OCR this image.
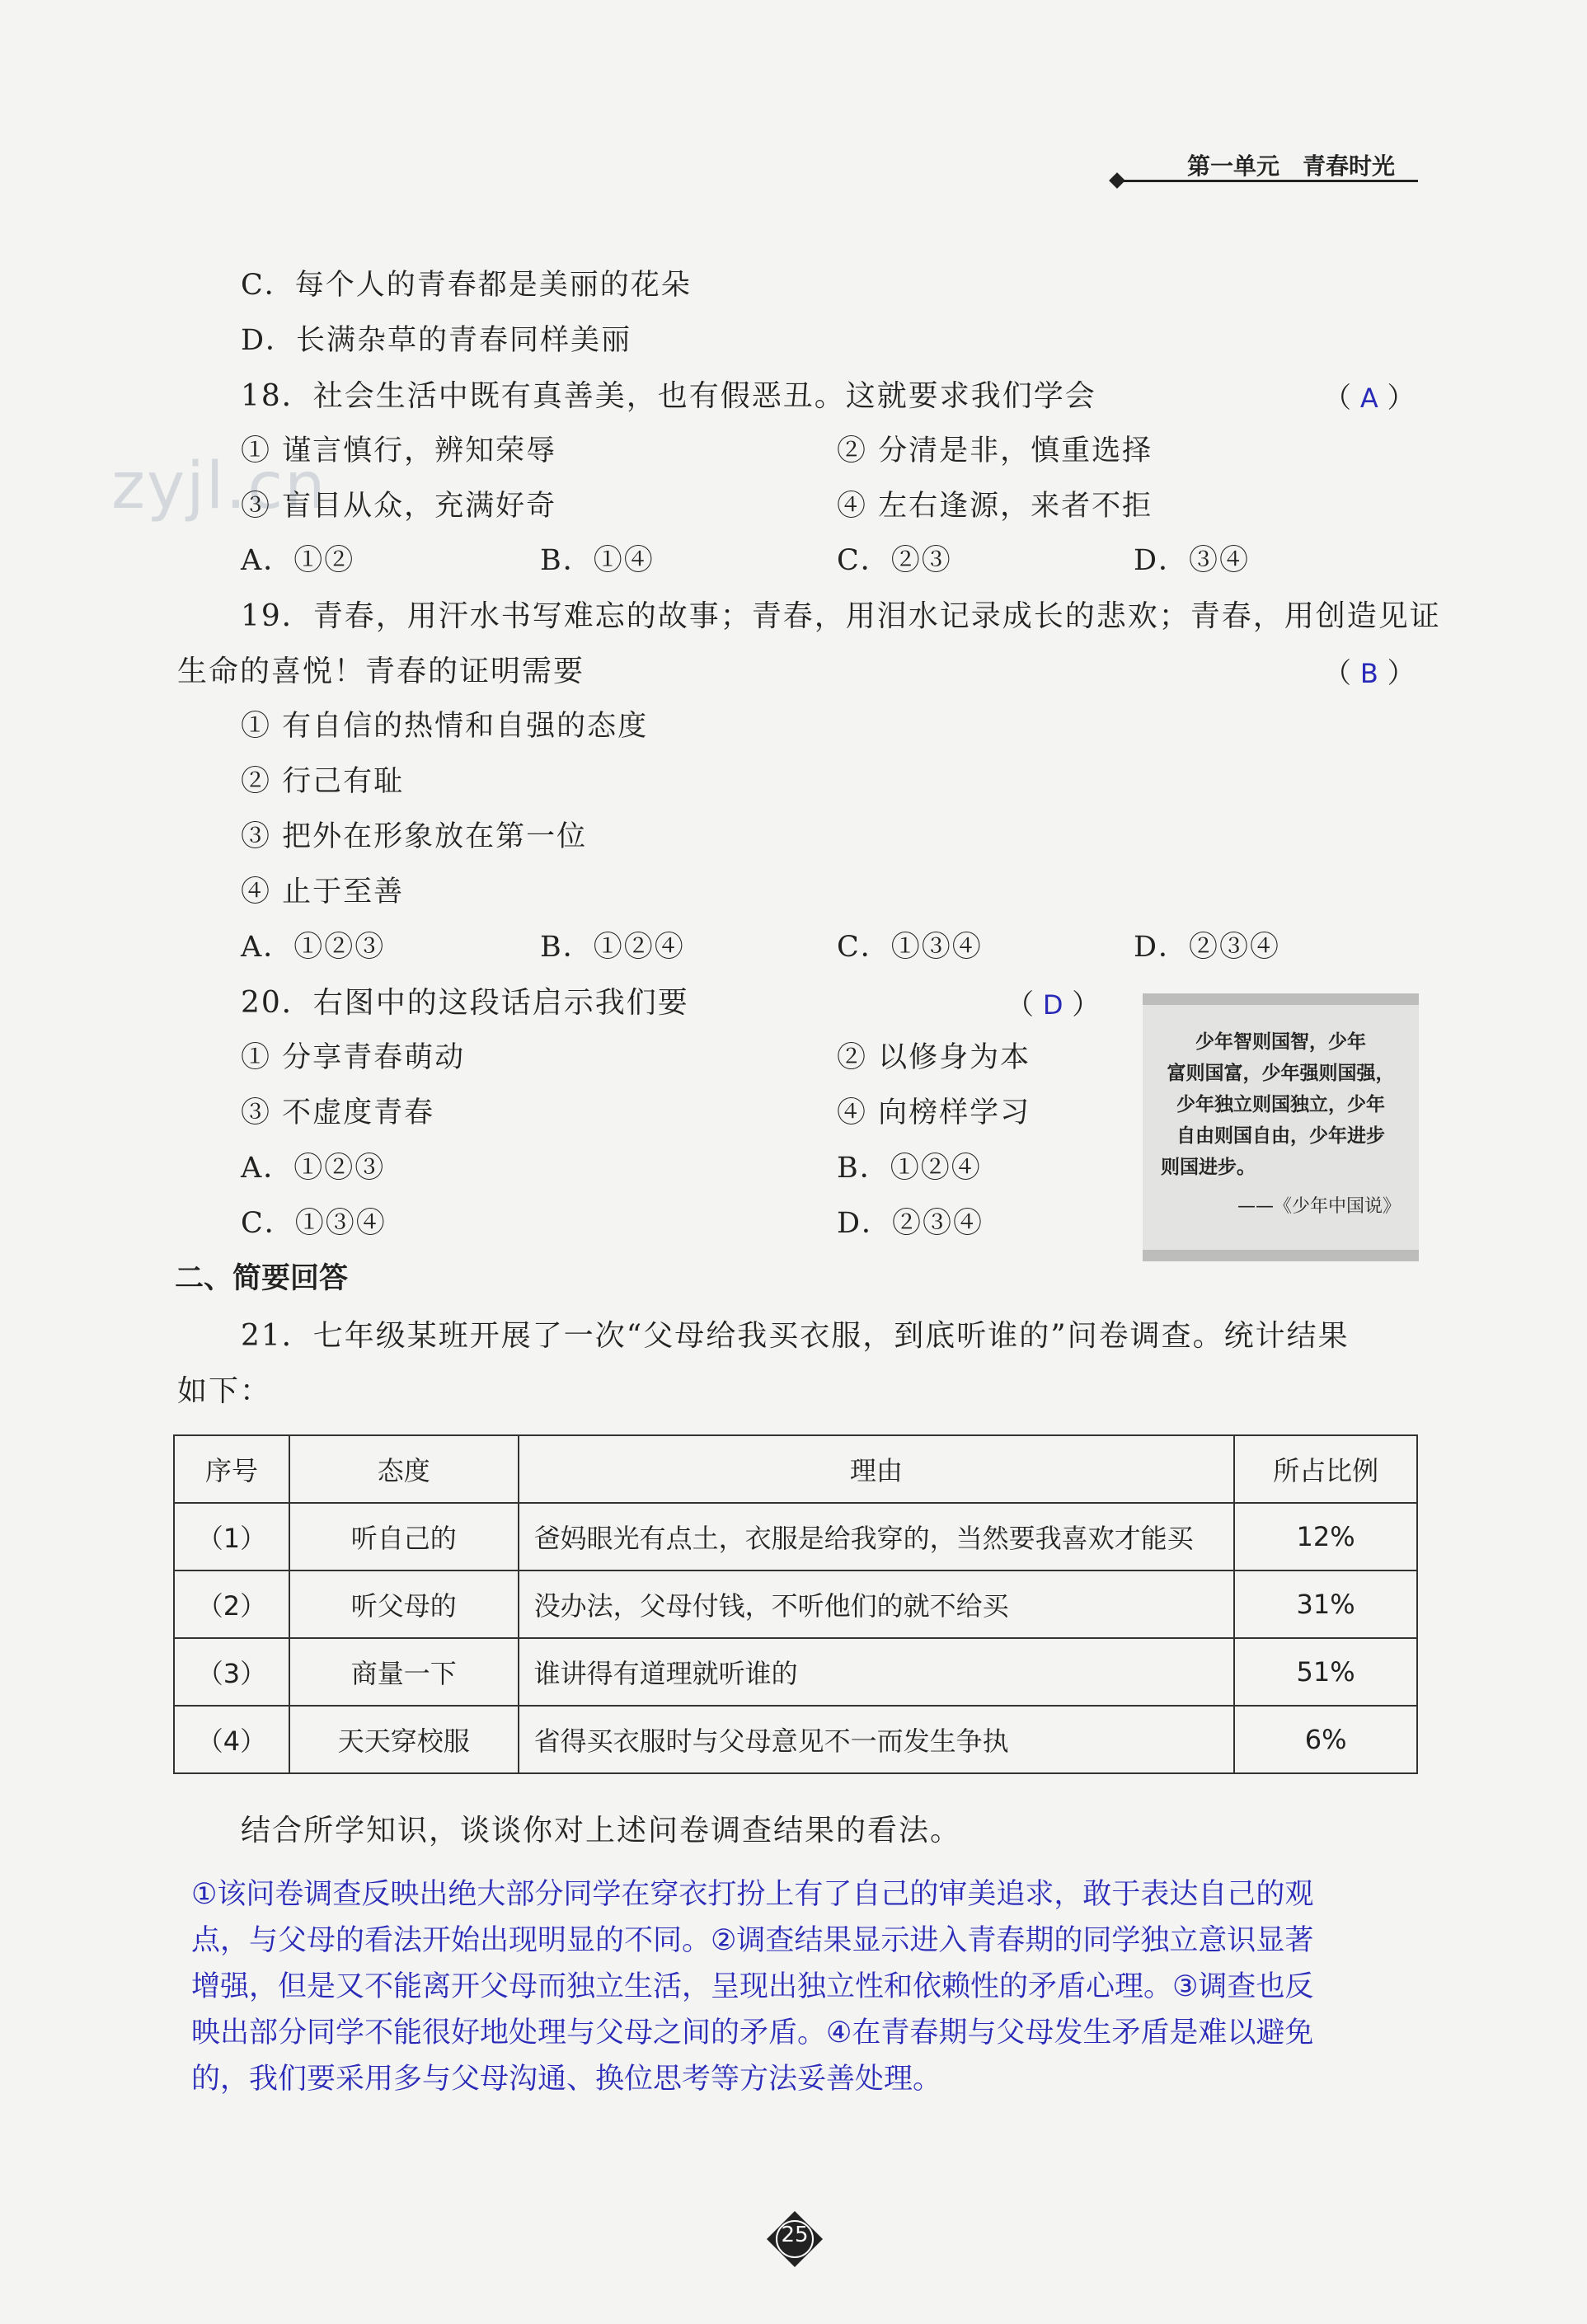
第一单元　青春时光
zyjl.cn
C．每个人的青春都是美丽的花朵
D．长满杂草的青春同样美丽
18．社会生活中既有真善美，也有假恶丑。这就要求我们学会	（ A ）
① 谨言慎行，辨知荣辱	② 分清是非，慎重选择
③ 盲目从众，充满好奇	④ 左右逢源，来者不拒
A．①②	B．①④	C．②③	D．③④
19．青春，用汗水书写难忘的故事；青春，用泪水记录成长的悲欢；青春，用创造见证
生命的喜悦！青春的证明需要	（ B ）
① 有自信的热情和自强的态度
② 行己有耻
③ 把外在形象放在第一位
④ 止于至善
A．①②③	B．①②④	C．①③④	D．②③④
20．右图中的这段话启示我们要	（ D ）
① 分享青春萌动	② 以修身为本
③ 不虚度青春	④ 向榜样学习
A．①②③	B．①②④
C．①③④	D．②③④
少年智则国智，少年
富则国富，少年强则国强，
少年独立则国独立，少年
自由则国自由，少年进步
则国进步。
——《少年中国说》
二、简要回答
21．七年级某班开展了一次“父母给我买衣服，到底听谁的”问卷调查。统计结果
如下：
序号	态度	理由	所占比例
（1）	听自己的	爸妈眼光有点土，衣服是给我穿的，当然要我喜欢才能买	12%
（2）	听父母的	没办法，父母付钱，不听他们的就不给买	31%
（3）	商量一下	谁讲得有道理就听谁的	51%
（4）	天天穿校服	省得买衣服时与父母意见不一而发生争执	6%
结合所学知识，谈谈你对上述问卷调查结果的看法。

①该问卷调查反映出绝大部分同学在穿衣打扮上有了自己的审美追求，敢于表达自己的观

点，与父母的看法开始出现明显的不同。②调查结果显示进入青春期的同学独立意识显著

增强，但是又不能离开父母而独立生活，呈现出独立性和依赖性的矛盾心理。③调查也反

映出部分同学不能很好地处理与父母之间的矛盾。④在青春期与父母发生矛盾是难以避免

的，我们要采用多与父母沟通、换位思考等方法妥善处理。

25
